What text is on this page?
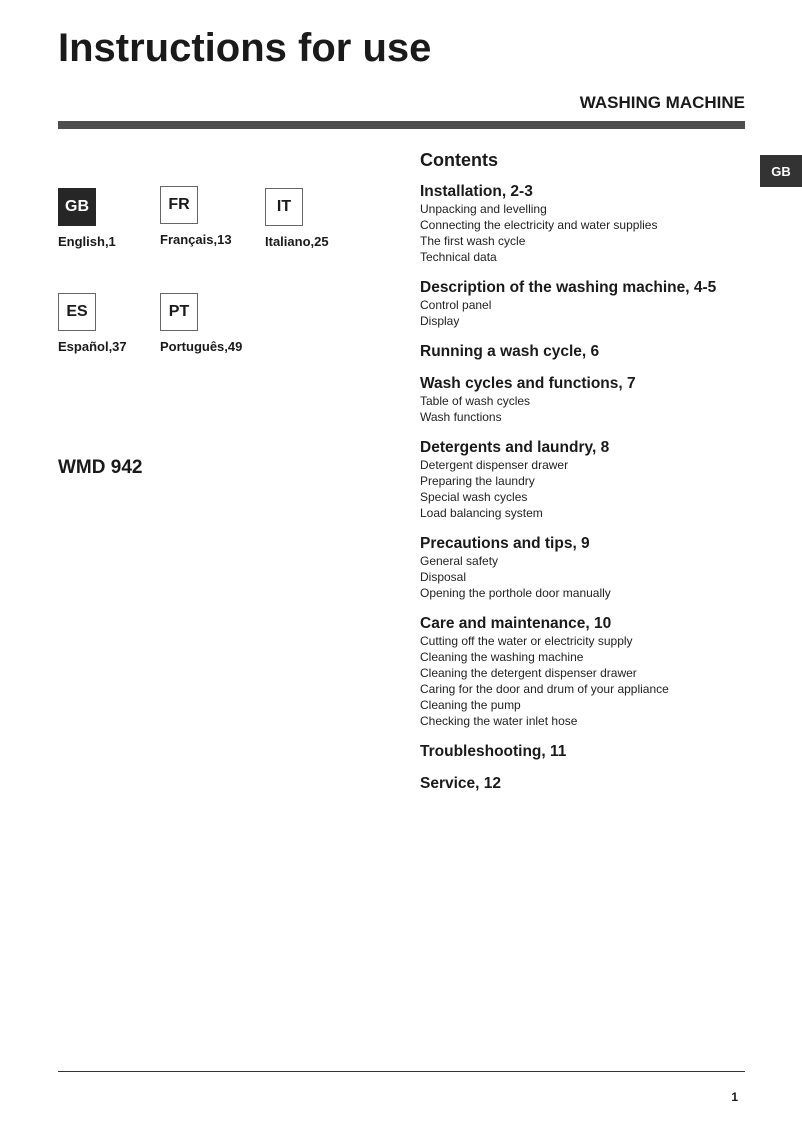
Instructions for use
WASHING MACHINE
GB
GB
English,1
FR
Français,13
IT
Italiano,25
ES
Español,37
PT
Português,49
WMD 942
Contents
Installation, 2-3
Unpacking and levelling
Connecting the electricity and water supplies
The first wash cycle
Technical data
Description of the washing machine, 4-5
Control panel
Display
Running a wash cycle, 6
Wash cycles and functions, 7
Table of wash cycles
Wash functions
Detergents and laundry, 8
Detergent dispenser drawer
Preparing the laundry
Special wash cycles
Load balancing system
Precautions and tips, 9
General safety
Disposal
Opening the porthole door manually
Care and maintenance, 10
Cutting off the water or electricity supply
Cleaning the washing machine
Cleaning the detergent dispenser drawer
Caring for the door and drum of your appliance
Cleaning the pump
Checking the water inlet hose
Troubleshooting, 11
Service, 12
1
